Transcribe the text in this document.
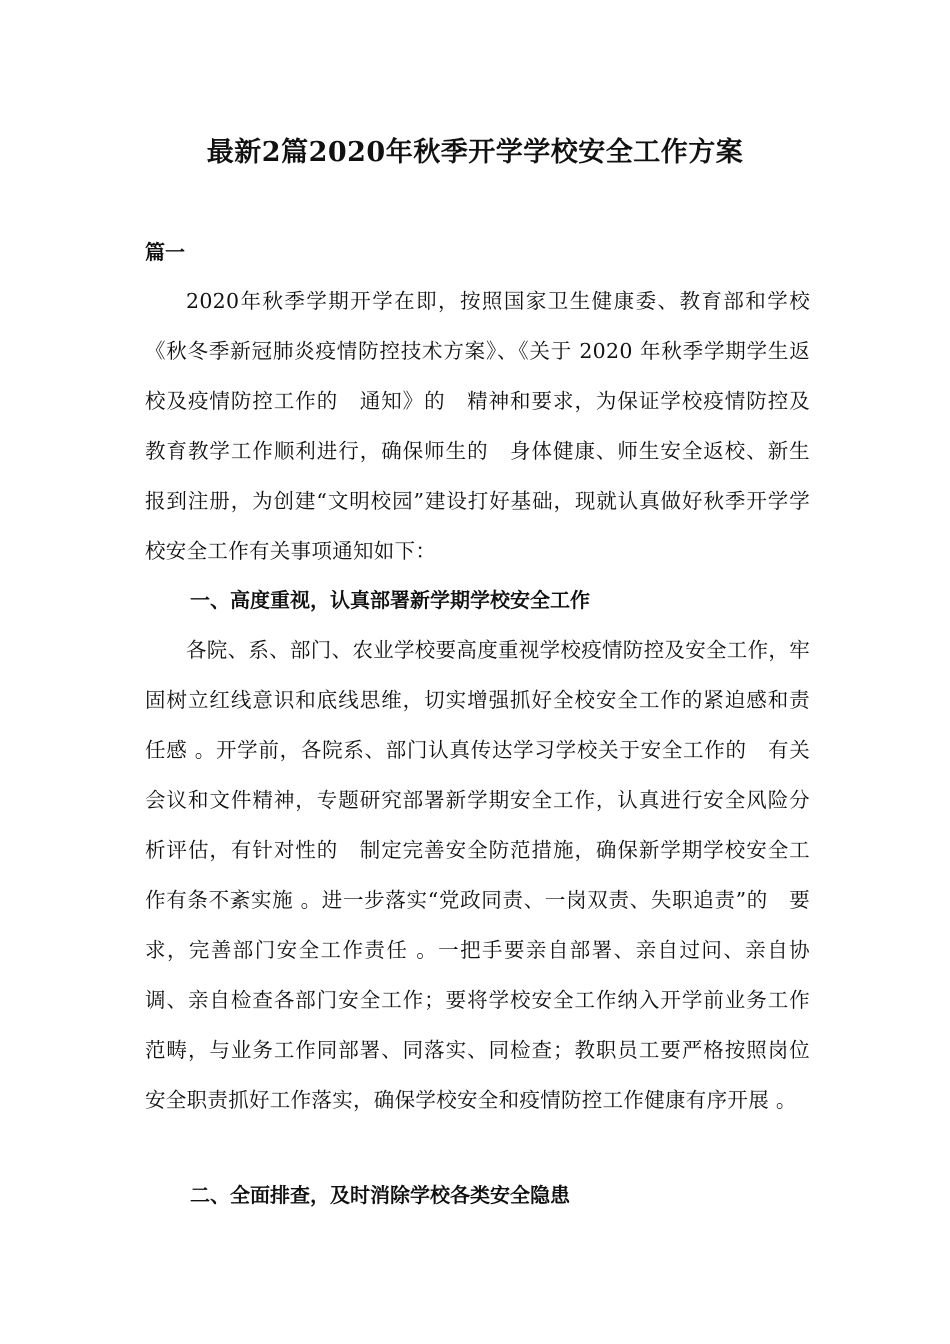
最新2篇2020年秋季开学学校安全工作方案
篇一
2020年秋季学期开学在即，按照国家卫生健康委、教育部和学校《秋冬季新冠肺炎疫情防控技术方案》、《关于 2020 年秋季学期学生返校及疫情防控工作的　通知》的　精神和要求，为保证学校疫情防控及教育教学工作顺利进行，确保师生的　身体健康、师生安全返校、新生报到注册，为创建“文明校园”建设打好基础，现就认真做好秋季开学学校安全工作有关事项通知如下：
一、高度重视，认真部署新学期学校安全工作
各院、系、部门、农业学校要高度重视学校疫情防控及安全工作，牢固树立红线意识和底线思维，切实增强抓好全校安全工作的紧迫感和责任感 。开学前，各院系、部门认真传达学习学校关于安全工作的　有关会议和文件精神，专题研究部署新学期安全工作，认真进行安全风险分析评估，有针对性的　制定完善安全防范措施，确保新学期学校安全工作有条不紊实施 。进一步落实“党政同责、一岗双责、失职追责”的　要求，完善部门安全工作责任 。一把手要亲自部署、亲自过问、亲自协调、亲自检查各部门安全工作；要将学校安全工作纳入开学前业务工作范畴，与业务工作同部署、同落实、同检查；教职员工要严格按照岗位安全职责抓好工作落实，确保学校安全和疫情防控工作健康有序开展 。
二、全面排查，及时消除学校各类安全隐患
